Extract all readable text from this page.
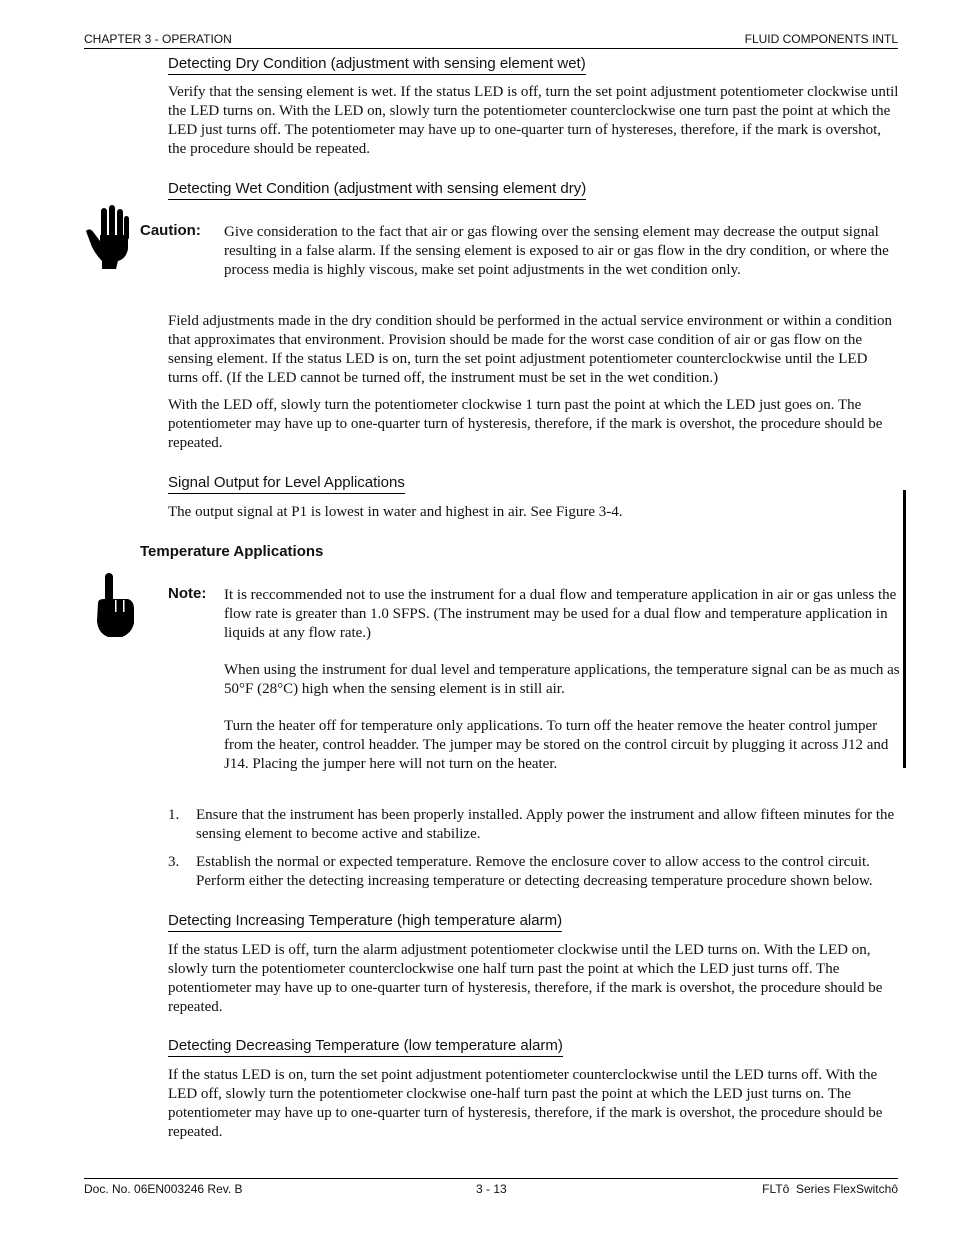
CHAPTER 3 - OPERATION	FLUID COMPONENTS INTL
Detecting Dry Condition (adjustment with sensing element wet)
Verify that the sensing element is wet. If the status LED is off, turn the set point adjustment potentiometer clockwise until the LED turns on. With the LED on, slowly turn the potentiometer counterclockwise one turn past the point at which the LED just turns off. The potentiometer may have up to one-quarter turn of hystereses, therefore, if the mark is overshot, the procedure should be repeated.
Detecting Wet Condition (adjustment with sensing element dry)
Caution: Give consideration to the fact that air or gas flowing over the sensing element may decrease the output signal resulting in a false alarm. If the sensing element is exposed to air or gas flow in the dry condition, or where the process media is highly viscous, make set point adjustments in the wet condition only.
Field adjustments made in the dry condition should be performed in the actual service environment or within a condition that approximates that environment. Provision should be made for the worst case condition of air or gas flow on the sensing element. If the status LED is on, turn the set point adjustment potentiometer counterclockwise until the LED turns off. (If the LED cannot be turned off, the instrument must be set in the wet condition.)
With the LED off, slowly turn the potentiometer clockwise 1 turn past the point at which the LED just goes on. The potentiometer may have up to one-quarter turn of hysteresis, therefore, if the mark is overshot, the procedure should be repeated.
Signal Output for Level Applications
The output signal at P1 is lowest in water and highest in air. See Figure 3-4.
Temperature Applications
Note: It is reccommended not to use the instrument for a dual flow and temperature application in air or gas unless the flow rate is greater than 1.0 SFPS. (The instrument may be used for a dual flow and temperature application in liquids at any flow rate.)
When using the instrument for dual level and temperature applications, the temperature signal can be as much as 50°F (28°C) high when the sensing element is in still air.
Turn the heater off for temperature only applications. To turn off the heater remove the heater control jumper from the heater, control headder. The jumper may be stored on the control circuit by plugging it across J12 and J14. Placing the jumper here will not turn on the heater.
1. Ensure that the instrument has been properly installed. Apply power the instrument and allow fifteen minutes for the sensing element to become active and stabilize.
3. Establish the normal or expected temperature. Remove the enclosure cover to allow access to the control circuit. Perform either the detecting increasing temperature or detecting decreasing temperature procedure shown below.
Detecting Increasing Temperature (high temperature alarm)
If the status LED is off, turn the alarm adjustment potentiometer clockwise until the LED turns on. With the LED on, slowly turn the potentiometer counterclockwise one half turn past the point at which the LED just turns off. The potentiometer may have up to one-quarter turn of hysteresis, therefore, if the mark is overshot, the procedure should be repeated.
Detecting Decreasing Temperature (low temperature alarm)
If the status LED is on, turn the set point adjustment potentiometer counterclockwise until the LED turns off. With the LED off, slowly turn the potentiometer clockwise one-half turn past the point at which the LED just turns on. The potentiometer may have up to one-quarter turn of hysteresis, therefore, if the mark is overshot, the procedure should be repeated.
Doc. No. 06EN003246 Rev. B	3 - 13	FLTô  Series FlexSwitchô
